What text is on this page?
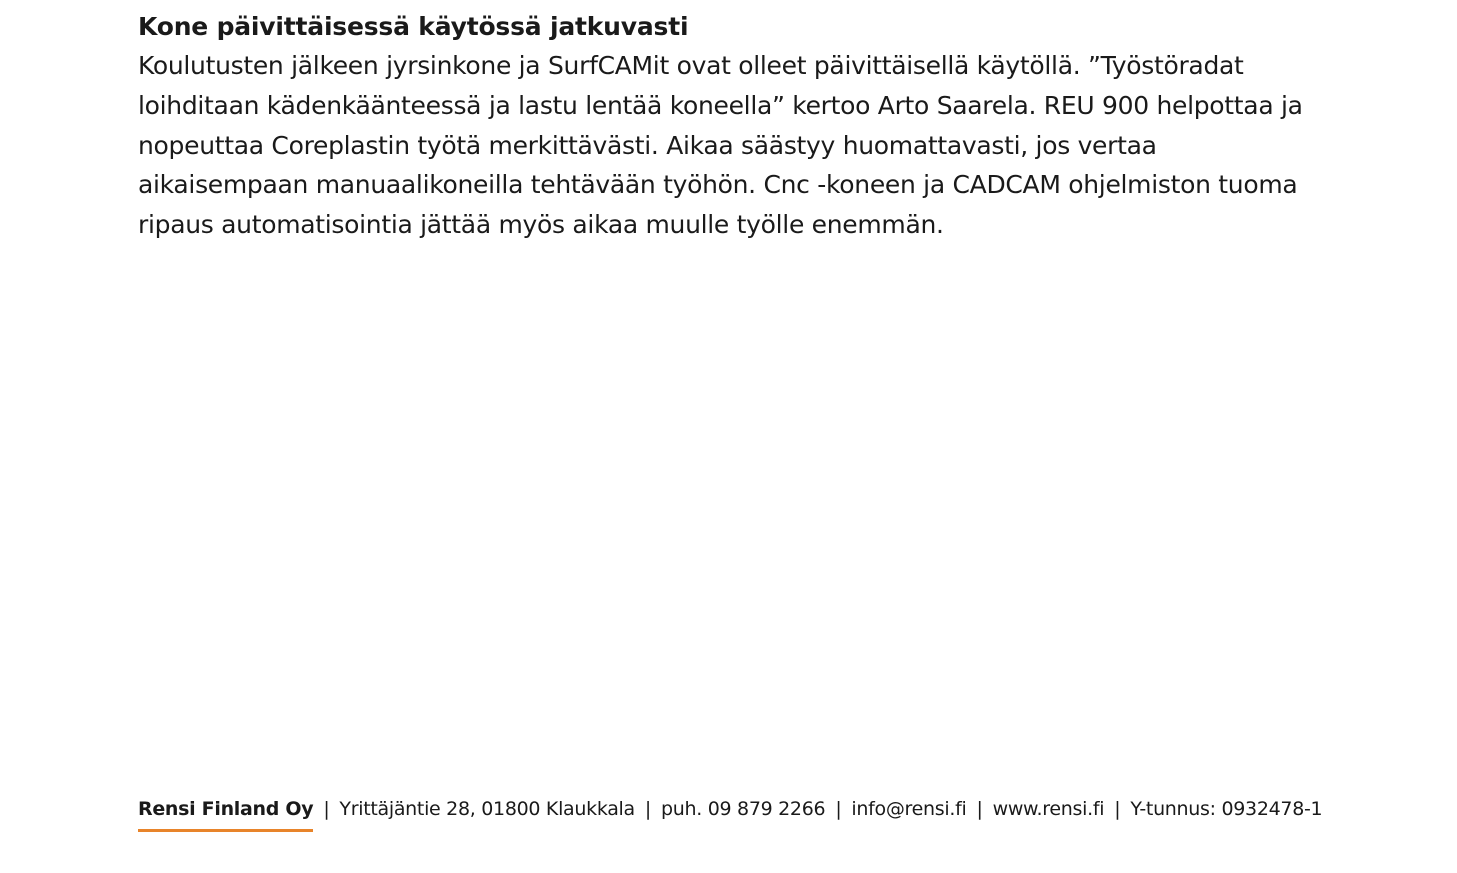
Kone päivittäisessä käytössä jatkuvasti

Koulutusten jälkeen jyrsinkone ja SurfCAMit ovat olleet päivittäisellä käytöllä. ”Työstöradat loihditaan kädenkäänteessä ja lastu lentää koneella” kertoo Arto Saarela. REU 900 helpottaa ja nopeuttaa Coreplastin työtä merkittävästi. Aikaa säästyy huomattavasti, jos vertaa aikaisempaan manuaalikoneilla tehtävään työhön. Cnc -koneen ja CADCAM ohjelmiston tuoma ripaus automatisointia jättää myös aikaa muulle työlle enemmän.

Rensi Finland Oy | Yrittäjäntie 28, 01800 Klaukkala | puh. 09 879 2266 | info@rensi.fi | www.rensi.fi | Y-tunnus: 0932478-1
